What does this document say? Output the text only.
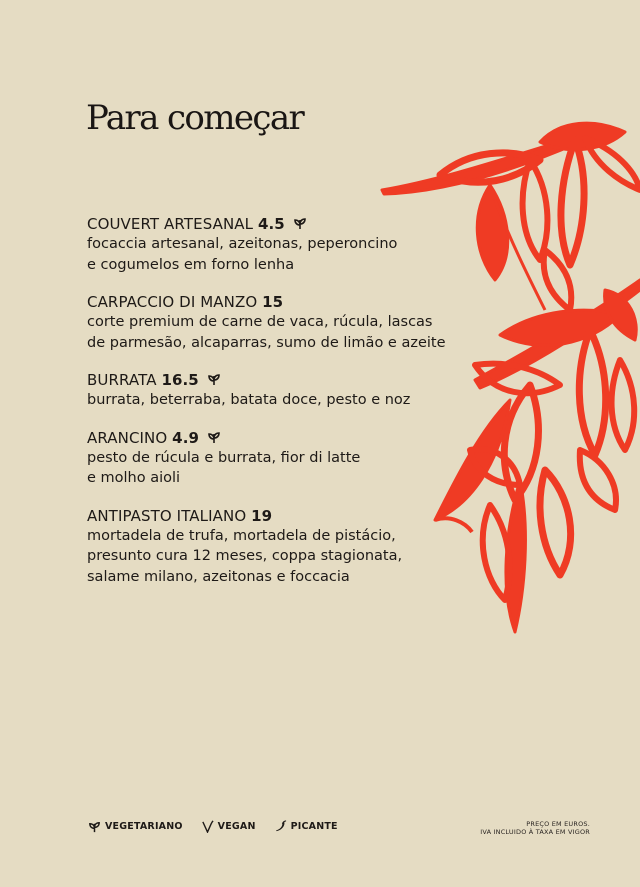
Para começar
COUVERT ARTESANAL 4.5
focaccia artesanal, azeitonas, peperoncino
e cogumelos em forno lenha
CARPACCIO DI MANZO 15
corte premium de carne de vaca, rúcula, lascas
de parmesão, alcaparras, sumo de limão e azeite
BURRATA 16.5
burrata, beterraba, batata doce, pesto e noz
ARANCINO 4.9
pesto de rúcula e burrata, fior di latte
e molho aioli
ANTIPASTO ITALIANO 19
mortadela de trufa, mortadela de pistácio,
presunto cura 12 meses, coppa stagionata,
salame milano, azeitonas e foccacia
VEGETARIANO	VEGAN	PICANTE	PREÇO EM EUROS.
IVA INCLUIDO À TAXA EM VIGOR
